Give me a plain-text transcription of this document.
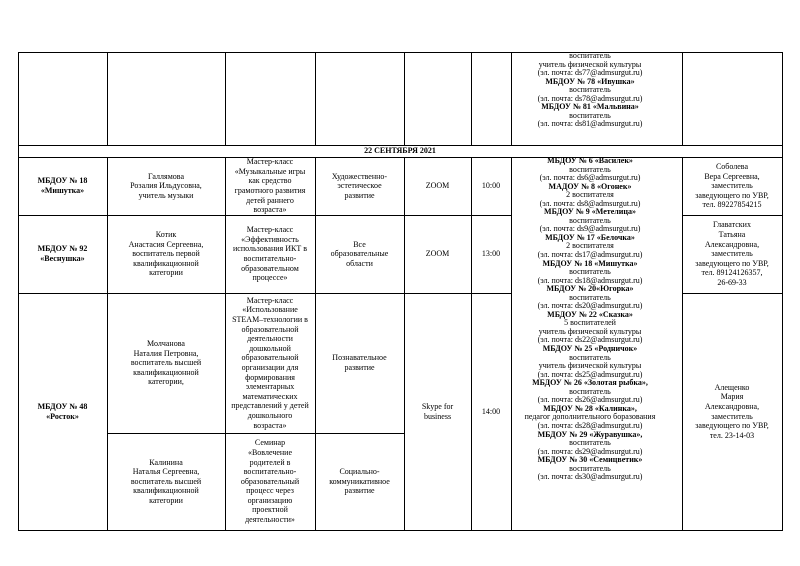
воспитатель
учитель физической культуры
(эл. почта: ds77@admsurgut.ru)
МБДОУ № 78 «Ивушка»
воспитатель
(эл. почта: ds78@admsurgut.ru)
МБДОУ № 81 «Мальвина»
воспитатель
(эл. почта: ds81@admsurgut.ru)
22 СЕНТЯБРЯ 2021
МБДОУ № 18
«Мишутка»
Галлямова
Розалия Ильдусовна,
учитель музыки
Мастер-класс
«Музыкальные игры
как средство
грамотного развития
детей раннего
возраста»
Художественно-
эстетическое
развитие
ZOOM	10:00
Соболева
Вера Сергеевна,
заместитель
заведующего по УВР,
тел. 89227854215
МБДОУ № 92
«Веснушка»
Котик
Анастасия Сергеевна,
воспитатель первой
квалификационной
категории
Мастер-класс
«Эффективность
использования ИКТ в
воспитательно-
образовательном
процессе»
Все
образовательные
области
ZOOM	13:00
Главатских
Татьяна
Александровна,
заместитель
заведующего по УВР,
тел. 89124126357,
26-69-33
МБДОУ № 48
«Росток»
Молчанова
Наталия Петровна,
воспитатель высшей
квалификационной
категории,
Мастер-класс
«Использование
STEAM–технологии в
образовательной
деятельности
дошкольной
образовательной
организации для
формирования
элементарных
математических
представлений у детей
дошкольного
возраста»
Познавательное
развитие
Калинина
Наталья Сергеевна,
воспитатель высшей
квалификационной
категории
Семинар
«Вовлечение
родителей в
воспитательно-
образовательный
процесс через
организацию
проектной
деятельности»
Социально-
коммуникативное
развитие
Skype for
business
14:00
Алещенко
Мария
Александровна,
заместитель
заведующего по УВР,
тел. 23-14-03
МБДОУ № 6 «Василек»
воспитатель
(эл. почта: ds6@admsurgut.ru)
МАДОУ № 8 «Огонек»
2 воспитателя
(эл. почта: ds8@admsurgut.ru)
МБДОУ № 9 «Метелица»
воспитатель
(эл. почта: ds9@admsurgut.ru)
МБДОУ № 17 «Белочка»
2 воспитателя
(эл. почта: ds17@admsurgut.ru)
МБДОУ № 18 «Мишутка»
воспитатель
(эл. почта: ds18@admsurgut.ru)
МБДОУ № 20«Югорка»
воспитатель
(эл. почта: ds20@admsurgut.ru)
МБДОУ № 22 «Сказка»
5 воспитателей
учитель физической культуры
(эл. почта: ds22@admsurgut.ru)
МБДОУ № 25 «Родничок»
воспитатель
учитель физической культуры
(эл. почта: ds25@admsurgut.ru)
МБДОУ № 26 «Золотая рыбка»,
воспитатель
(эл. почта: ds26@admsurgut.ru)
МБДОУ № 28 «Калинка»,
педагог дополнительного боразования
(эл. почта: ds28@admsurgut.ru)
МБДОУ № 29 «Журавушка»,
воспитатель
(эл. почта: ds29@admsurgut.ru)
МБДОУ № 30 «Семицветик»
воспитатель
(эл. почта: ds30@admsurgut.ru)
